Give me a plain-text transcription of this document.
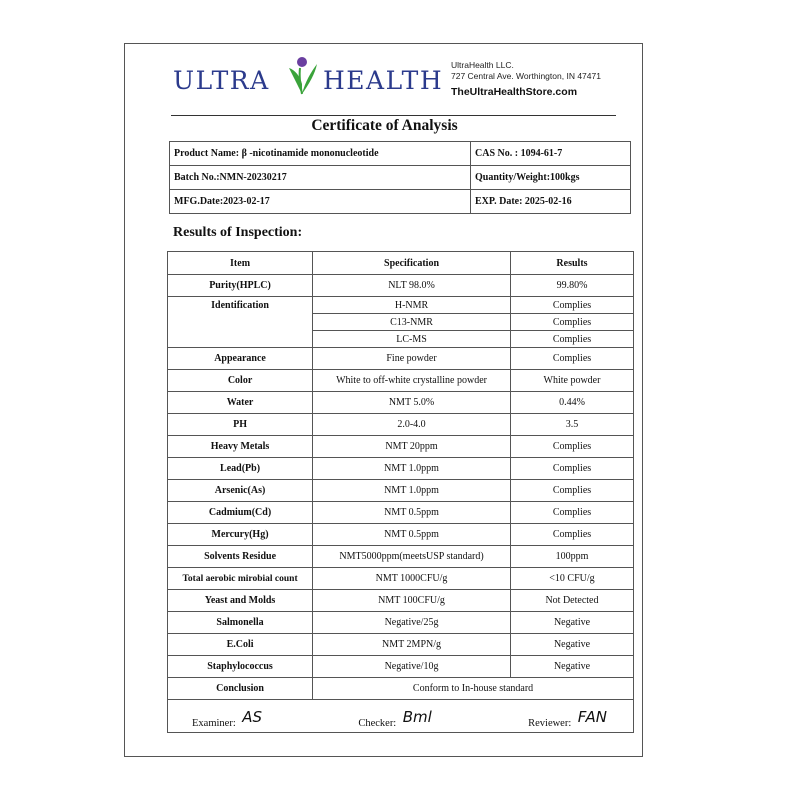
ULTRA HEALTH
UltraHealth LLC.
727 Central Ave. Worthington, IN 47471
TheUltraHealthStore.com
Certificate of Analysis
Product Name: β -nicotinamide mononucleotide	CAS No. : 1094-61-7
Batch No.:NMN-20230217	Quantity/Weight:100kgs
MFG.Date:2023-02-17	EXP. Date: 2025-02-16
Results of Inspection:
Item	Specification	Results
Purity(HPLC)	NLT 98.0%	99.80%
Identification	H-NMR	Complies
	C13-NMR	Complies
	LC-MS	Complies
Appearance	Fine powder	Complies
Color	White to off-white crystalline powder	White powder
Water	NMT 5.0%	0.44%
PH	2.0-4.0	3.5
Heavy Metals	NMT 20ppm	Complies
Lead(Pb)	NMT 1.0ppm	Complies
Arsenic(As)	NMT 1.0ppm	Complies
Cadmium(Cd)	NMT 0.5ppm	Complies
Mercury(Hg)	NMT 0.5ppm	Complies
Solvents Residue	NMT5000ppm(meetsUSP standard)	100ppm
Total aerobic mirobial count	NMT 1000CFU/g	<10 CFU/g
Yeast and Molds	NMT 100CFU/g	Not Detected
Salmonella	Negative/25g	Negative
E.Coli	NMT 2MPN/g	Negative
Staphylococcus	Negative/10g	Negative
Conclusion	Conform to In-house standard	

Examiner: AS Checker: Bml Reviewer: FAN		
